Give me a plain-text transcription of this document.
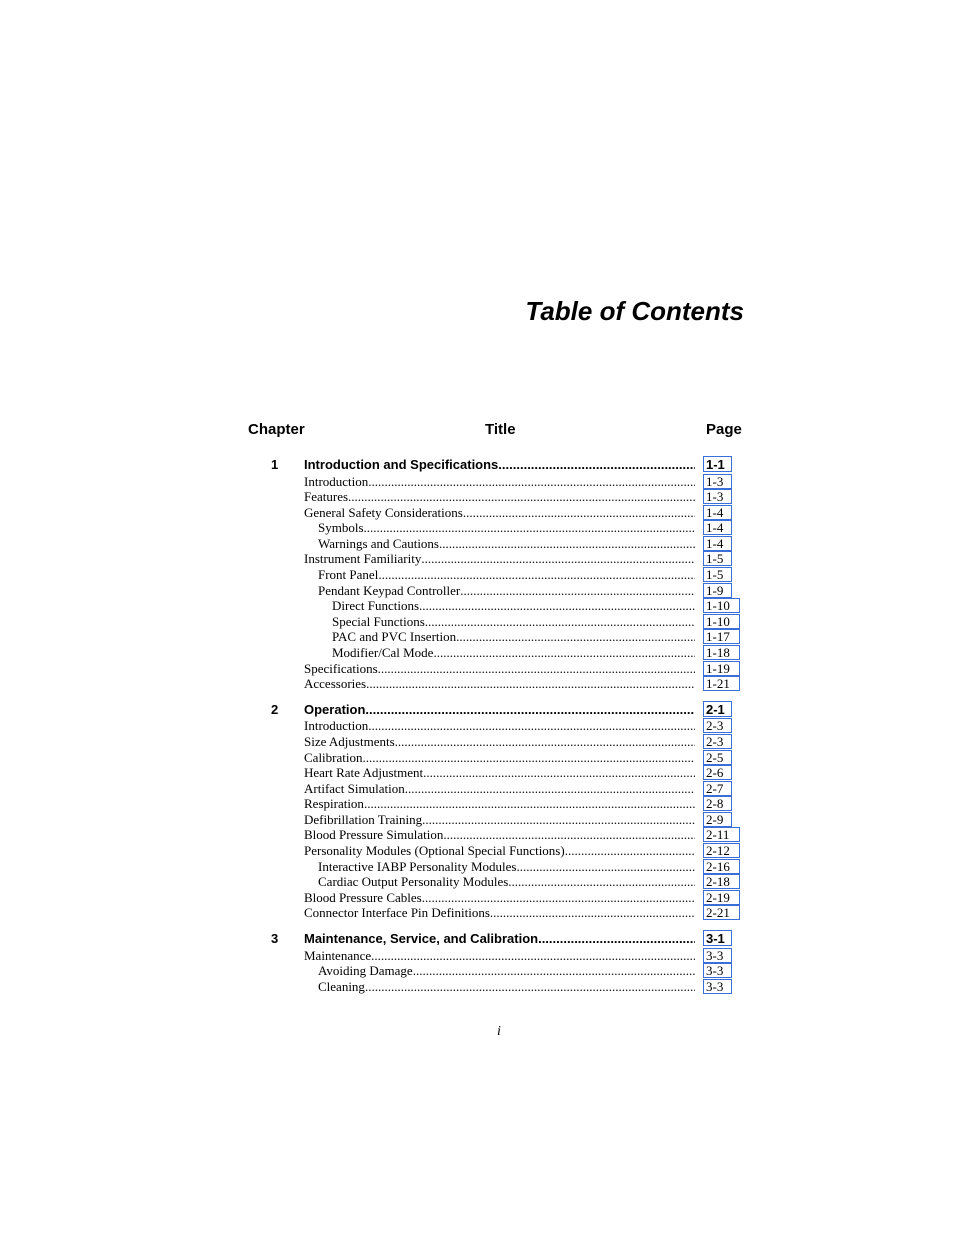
Table of Contents
Chapter	Title	Page
1 Introduction and Specifications .....	1-1
Introduction .....	1-3
Features .....	1-3
General Safety Considerations .....	1-4
Symbols .....	1-4
Warnings and Cautions .....	1-4
Instrument Familiarity .....	1-5
Front Panel .....	1-5
Pendant Keypad Controller .....	1-9
Direct Functions .....	1-10
Special Functions .....	1-10
PAC and PVC Insertion .....	1-17
Modifier/Cal Mode .....	1-18
Specifications .....	1-19
Accessories .....	1-21
2 Operation .....	2-1
Introduction .....	2-3
Size Adjustments .....	2-3
Calibration .....	2-5
Heart Rate Adjustment .....	2-6
Artifact Simulation .....	2-7
Respiration .....	2-8
Defibrillation Training .....	2-9
Blood Pressure Simulation .....	2-11
Personality Modules (Optional Special Functions) .....	2-12
Interactive IABP Personality Modules .....	2-16
Cardiac Output Personality Modules .....	2-18
Blood Pressure Cables .....	2-19
Connector Interface Pin Definitions .....	2-21
3 Maintenance, Service, and Calibration .....	3-1
Maintenance .....	3-3
Avoiding Damage .....	3-3
Cleaning .....	3-3
i
